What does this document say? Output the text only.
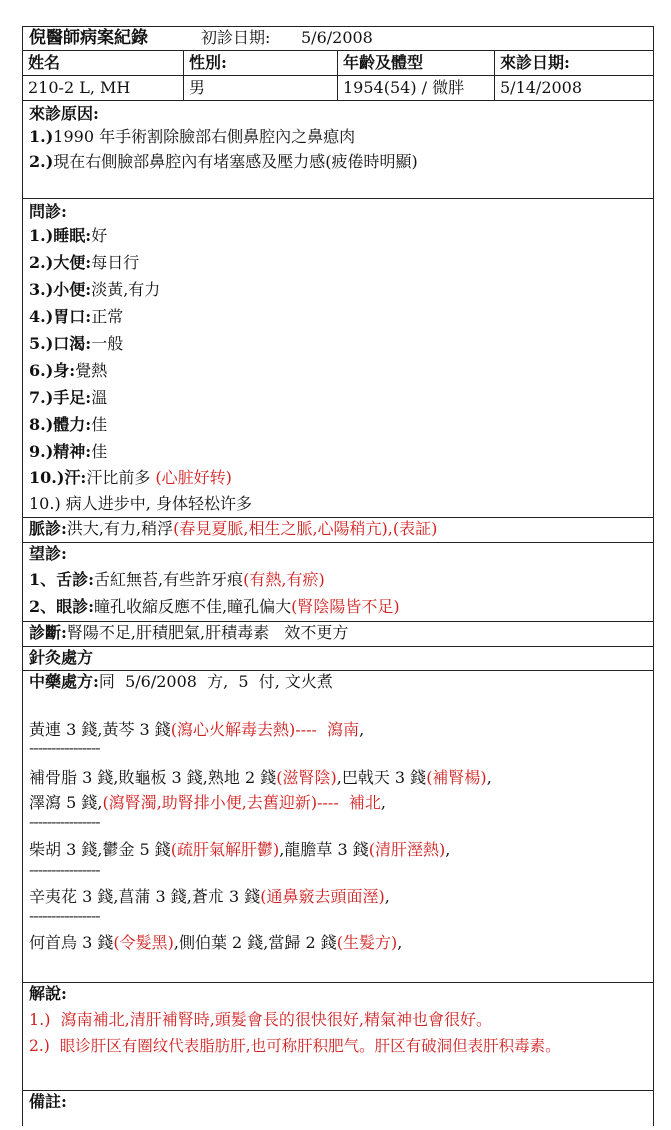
倪醫師病案紀錄	初診日期: 5/6/2008
姓名	性別:	年齡及體型	來診日期:
210-2 L, MH	男	1954(54) / 微胖	5/14/2008
來診原因:
1.)1990 年手術割除臉部右側鼻腔內之鼻瘜肉
2.)現在右側臉部鼻腔內有堵塞感及壓力感(疲倦時明顯)
問診:
1.)睡眠:好
2.)大便:每日行
3.)小便:淡黃,有力
4.)胃口:正常
5.)口渴:一般
6.)身:覺熱
7.)手足:溫
8.)體力:佳
9.)精神:佳
10.)汗:汗比前多 (心脏好转)
10.) 病人进步中, 身体轻松许多
脈診:洪大,有力,稍浮(春見夏脈,相生之脈,心陽稍亢),(表証)
望診:
1、舌診:舌紅無苔,有些許牙痕(有熱,有瘀)
2、眼診:瞳孔收縮反應不佳,瞳孔偏大(腎陰陽皆不足)
診斷:腎陽不足,肝積肥氣,肝積毒素   效不更方
針灸處方
中藥處方:同  5/6/2008  方,  5  付, 文火煮
黃連 3 錢,黃芩 3 錢(瀉心火解毒去熱)----  瀉南,
----------------
補骨脂 3 錢,敗龜板 3 錢,熟地 2 錢(滋腎陰),巴戟天 3 錢(補腎楊),
澤瀉 5 錢,(瀉腎濁,助腎排小便,去舊迎新)----  補北,
----------------
柴胡 3 錢,鬱金 5 錢(疏肝氣解肝鬱),龍膽草 3 錢(清肝溼熱),
----------------
辛夷花 3 錢,菖蒲 3 錢,蒼朮 3 錢(通鼻竅去頭面溼),
----------------
何首烏 3 錢(令髮黑),側伯葉 2 錢,當歸 2 錢(生髮方),
解說:
1.)  瀉南補北,清肝補腎時,頭髮會長的很快很好,精氣神也會很好。
2.)  眼诊肝区有圈纹代表脂肪肝,也可称肝积肥气。肝区有破洞但表肝积毒素。
備註:
